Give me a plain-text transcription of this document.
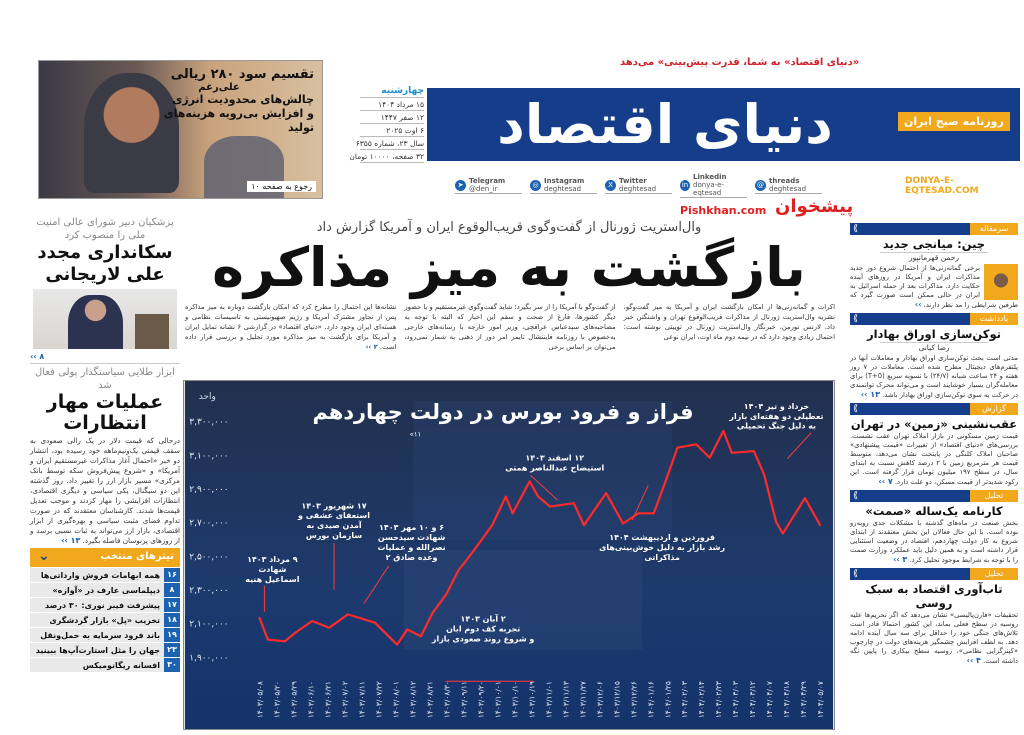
تقسیم سود ۲۸۰ ریالی
علی‌رغم
چالش‌های محدودیت انرژی
و افزایش بی‌رویه هزینه‌های تولید
رجوع به صفحه ۱۰
«دنیای اقتصاد» به شما، قدرت پیش‌بینی» می‌دهد
چهارشنبه
۱۵ مرداد ۱۴۰۴
۱۲ صفر ۱۴۴۷
۶ اوت ۲۰۲۵
سال ۲۳، شماره ۶۳۵۵
۳۲ صفحه، ۱۰۰۰۰ تومان	دنیای اقتصاد	روزنامه صبح ایران
➤ Telegram
@den_ir	◎ Instagram
deghtesad	X Twitter
deghtesad	in
Linkedin
donya-e-eqtesad
@ threads
deghtesad
DONYA-E-EQTESAD.COM
پزشکیان دبیر شورای عالی امنیت ملی را منصوب کرد
سکانداری مجدد علی لاریجانی
۸ ››
ابزار طلایی سیاستگذار پولی فعال شد
عملیات مهار انتظارات
درحالی که قیمت دلار در یک رالی صعودی به سقف قیمتی یک‌ونیم‌ماهه خود رسیده بود، انتشار دو خبر «احتمال آغاز مذاکرات غیرمستقیم ایران و آمریکا» و «شروع پیش‌فروش سکه توسط بانک مرکزی» مسیر بازار ارز را تغییر داد. روز گذشته این دو سیگنال، یکی سیاسی و دیگری اقتصادی، انتظارات افزایشی را مهار کردند و موجب تعدیل قیمت‌ها شدند. کارشناسان معتقدند که در صورت تداوم فضای مثبت سیاسی و بهره‌گیری از ابزار اقتصادی، بازار ارز می‌تواند به ثبات نسبی برسد و از روزهای پرنوسان فاصله بگیرد. ۱۳ ››
تیترهای منتخب
⌄
۱۶
همه ابهامات فروش وارداتی‌ها
۸
دیپلماسی عارف در «آوازه»
۱۷
پیشرفت فیبر نوری: ۳۰ درصد
۱۸
تخریب «پل» بازار گردشگری
۱۹
باند فرود سرمایه به حمل‌ونقل
۲۳
جهان را مثل استارت‌آپ‌ها ببینید
۳۰
افسانه ریگانومیکس
پیشخوان
Pishkhan.com
وال‌استریت ژورنال از گفت‌وگوی قریب‌الوقوع ایران و آمریکا گزارش داد
بازگشت به میز مذاکره
اکرات و گمانه‌زنی‌ها از امکان بازگشت ایران و آمریکا به میز گفت‌وگو، نشریه وال‌استریت ژورنال از مذاکرات قریب‌الوقوع تهران و واشنگتن خبر داد. لارنس نورمن، خبرنگار وال‌استریت ژورنال در توییتی نوشته است: احتمال زیادی وجود دارد که در نیمه دوم ماه اوت، ایران نوعی
از گفت‌وگو با آمریکا را از سر بگیرد؛ شاید گفت‌وگوی غیرمستقیم و با حضور دیگر کشورها، فارغ از صحت و سقم این اخبار که البته با توجه به مصاحبه‌های سیدعباس عراقچی، وزیر امور خارجه با رسانه‌های خارجی به‌خصوص با روزنامه فایننشال تایمز امر دور از ذهنی به شمار نمی‌رود، می‌توان بر اساس برخی
نشانه‌ها این احتمال را مطرح کرد که امکان بازگشت دوباره به میز مذاکره پس از تجاوز مشترک آمریکا و رژیم صهیونیستی به تاسیسات نظامی و هسته‌ای ایران وجود دارد. «دنیای اقتصاد» در گزارشی ۶ نشانه تمایل ایران و آمریکا برای بازگشت به میز مذاکره مورد تحلیل و بررسی قرار داده است. ۲ ››
فراز و فرود بورس در دولت چهاردهم
«۱۱
واحد
۱,۹۰۰,۰۰۰
۲,۱۰۰,۰۰۰
۲,۳۰۰,۰۰۰
۲,۵۰۰,۰۰۰
۲,۷۰۰,۰۰۰
۲,۹۰۰,۰۰۰
۳,۱۰۰,۰۰۰
۳,۳۰۰,۰۰۰
۱۴۰۳/۰۵/۰۸ ۱۴۰۳/۰۵/۲۰ ۱۴۰۳/۰۵/۲۹ ۱۴۰۳/۰۶/۱۰ ۱۴۰۳/۰۶/۲۱ ۱۴۰۳/۰۷/۰۲ ۱۴۰۳/۰۷/۱۱ ۱۴۰۳/۰۷/۲۲ ۱۴۰۳/۰۸/۰۱ ۱۴۰۳/۰۸/۱۲ ۱۴۰۳/۰۸/۲۱ ۱۴۰۳/۰۸/۳۰ ۱۴۰۳/۰۹/۱۱ ۱۴۰۳/۰۹/۲۰ ۱۴۰۳/۱۰/۰۱ ۱۴۰۳/۱۰/۱۰ ۱۴۰۳/۱۰/۱۹ ۱۴۰۳/۱۱/۰۱ ۱۴۰۳/۱۱/۱۳ ۱۴۰۳/۱۱/۲۷ ۱۴۰۳/۱۲/۰۶ ۱۴۰۳/۱۲/۱۵ ۱۴۰۳/۱۲/۲۶ ۱۴۰۴/۰۱/۱۶ ۱۴۰۴/۰۱/۲۵ ۱۴۰۴/۰۲/۰۳ ۱۴۰۴/۰۲/۱۴ ۱۴۰۴/۰۲/۲۳ ۱۴۰۴/۰۳/۰۳ ۱۴۰۴/۰۳/۱۲ ۱۴۰۴/۰۴/۰۷ ۱۴۰۴/۰۴/۱۸ ۱۴۰۴/۰۴/۲۹ ۱۴۰۴/۰۵/۰۷
۹ مرداد ۱۴۰۳
شهادت
اسماعیل هنیه
۱۷ شهریور ۱۴۰۳
استعفای عشقی و
آمدن صیدی به
سازمان بورس
۶ و ۱۰ مهر ۱۴۰۳
شهادت سیدحسن
نصرالله و عملیات
وعده صادق ۲
۲ آبان ۱۴۰۳
تجربه کف دوم ابان
و شروع روند صعودی بازار
۱۲ اسفند ۱۴۰۳
استیضاح عبدالناصر همتی
فروردین و اردیبهشت ۱۴۰۴
رشد بازار به دلیل خوش‌بینی‌های
مذاکراتی
خرداد و تیر ۱۴۰۴
تعطیلی دو هفته‌ای بازار
به دلیل جنگ تحمیلی
⟪	سرمقاله
چین: میانجی جدید
رحمن قهرمانپور
برخی گمانه‌زنی‌ها از احتمال شروع دور جدید مذاکرات ایران و آمریکا در روزهای آینده حکایت دارد. مذاکرات بعد از حمله اسرائیل به ایران در حالی ممکن است صورت گیرد که طرفین شرایطی را مد نظر دارند. ››
⟪	یادداشت
توکن‌سازی اوراق بهادار
رضا کیانی
مدتی است بحث توکن‌سازی اوراق بهادار و معاملات آنها در پلتفرم‌های دیجیتال مطرح شده است. معاملات در ۷ روز هفته و ۲۴ ساعت شبانه (۲۴/۷) با تسویه سریع (T+0) برای معامله‌گران بسیار خوشایند است و می‌تواند محرک توانمندی در حرکت به سوی توکن‌سازی اوراق بهادار باشد. ۱۳ ››
⟪	گزارش
عقب‌نشینی «زمین» در تهران
قیمت زمین مسکونی در بازار املاک تهران عقب نشست. بررسی‌های «دنیای اقتصاد» از تغییرات «قیمت پیشنهادی» صاحبان املاک کلنگی در پایتخت نشان می‌دهد، متوسط قیمت هر مترمربع زمین با ۲ درصد کاهش نسبت به ابتدای سال، در سطح ۱۹۷ میلیون تومان قرار گرفته است. این رکود شدیدتر از قیمت مسکن، دو علت دارد. ۷ ››
⟪	تحلیل
کارنامه یک‌ساله «صمت»
بخش صنعت در ماه‌های گذشته با مشکلات جدی روبه‌رو بوده است. با این حال فعالان این بخش معتقدند از ابتدای شروع به کار دولت چهاردهم، اقتصاد در وضعیت استثنایی قرار داشته است و به همین دلیل باید عملکرد وزارت صمت را با توجه به شرایط موجود تحلیل کرد. ۳ ››
⟪	تحلیل
تاب‌آوری اقتصاد به سبک روسی
تحقیقات «فارن‌پالیسی» نشان می‌دهد که اگر تحریم‌ها علیه روسیه در سطح فعلی بماند، این کشور احتمالا قادر است تلاش‌های جنگی خود را حداقل برای سه سال آینده ادامه دهد. به لطف افزایش چشمگیر هزینه‌های دولت در چارچوب «کینزگرایی نظامی»، روسیه سطح بیکاری را پایین نگه داشته است. ۴ ››
